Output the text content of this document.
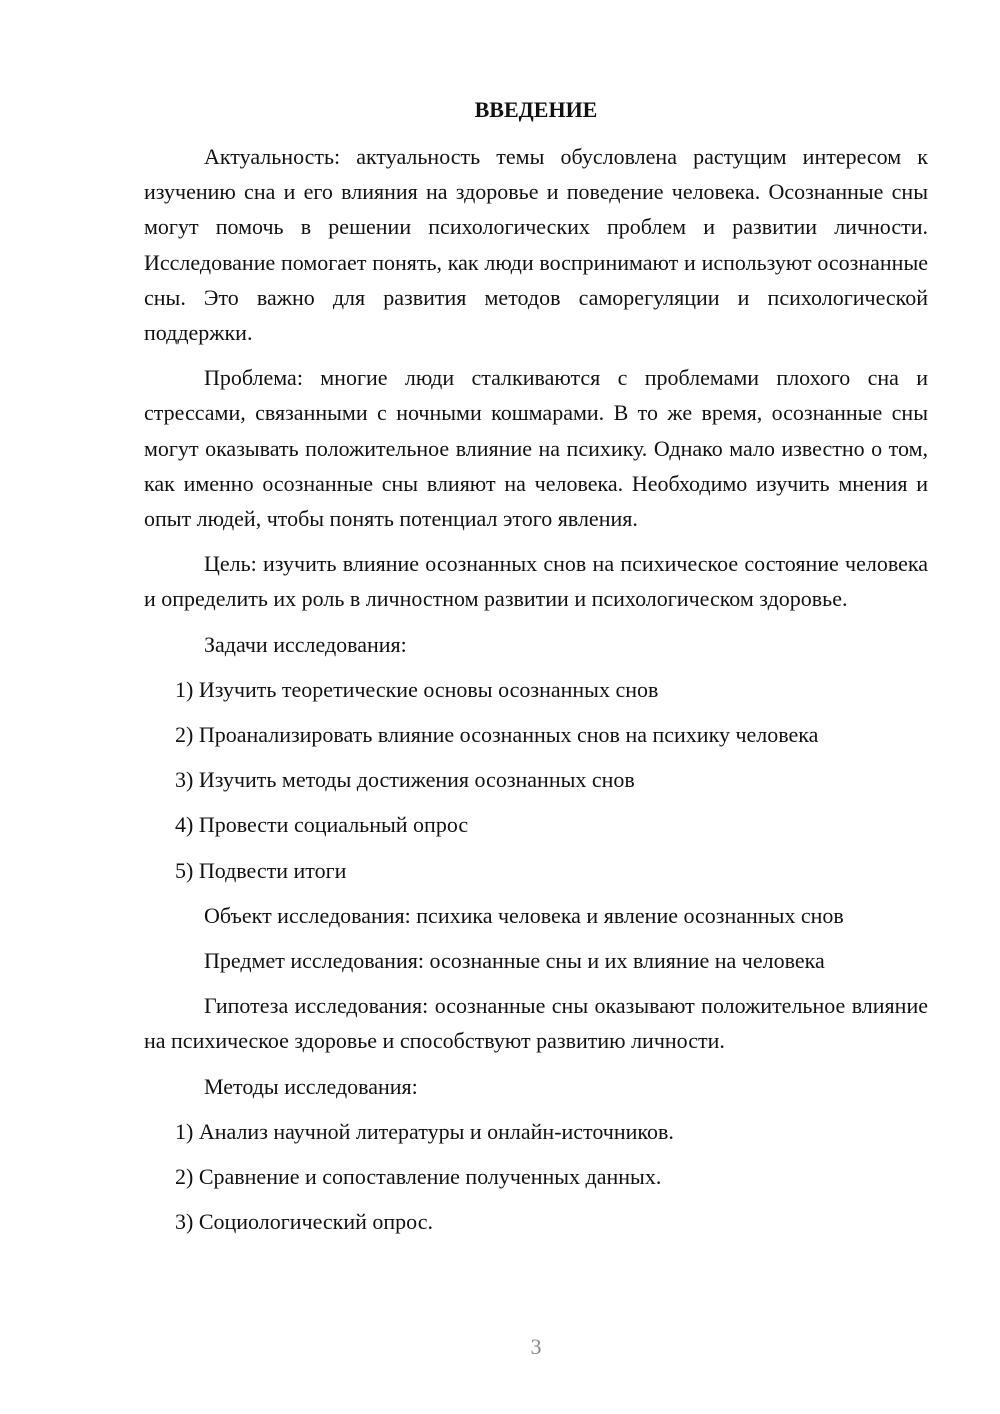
ВВЕДЕНИЕ

Актуальность: актуальность темы обусловлена растущим интересом к изучению сна и его влияния на здоровье и поведение человека. Осознанные сны могут помочь в решении психологических проблем и развитии личности. Исследование помогает понять, как люди воспринимают и используют осознанные сны. Это важно для развития методов саморегуляции и психологической поддержки.

Проблема: многие люди сталкиваются с проблемами плохого сна и стрессами, связанными с ночными кошмарами. В то же время, осознанные сны могут оказывать положительное влияние на психику. Однако мало известно о том, как именно осознанные сны влияют на человека. Необходимо изучить мнения и опыт людей, чтобы понять потенциал этого явления.

Цель: изучить влияние осознанных снов на психическое состояние человека и определить их роль в личностном развитии и психологическом здоровье.

Задачи исследования:
1) Изучить теоретические основы осознанных снов
2) Проанализировать влияние осознанных снов на психику человека
3) Изучить методы достижения осознанных снов
4) Провести социальный опрос
5) Подвести итоги
Объект исследования: психика человека и явление осознанных снов
Предмет исследования: осознанные сны и их влияние на человека

Гипотеза исследования: осознанные сны оказывают положительное влияние на психическое здоровье и способствуют развитию личности.

Методы исследования:
1) Анализ научной литературы и онлайн-источников.
2) Сравнение и сопоставление полученных данных.
3) Социологический опрос.
3
